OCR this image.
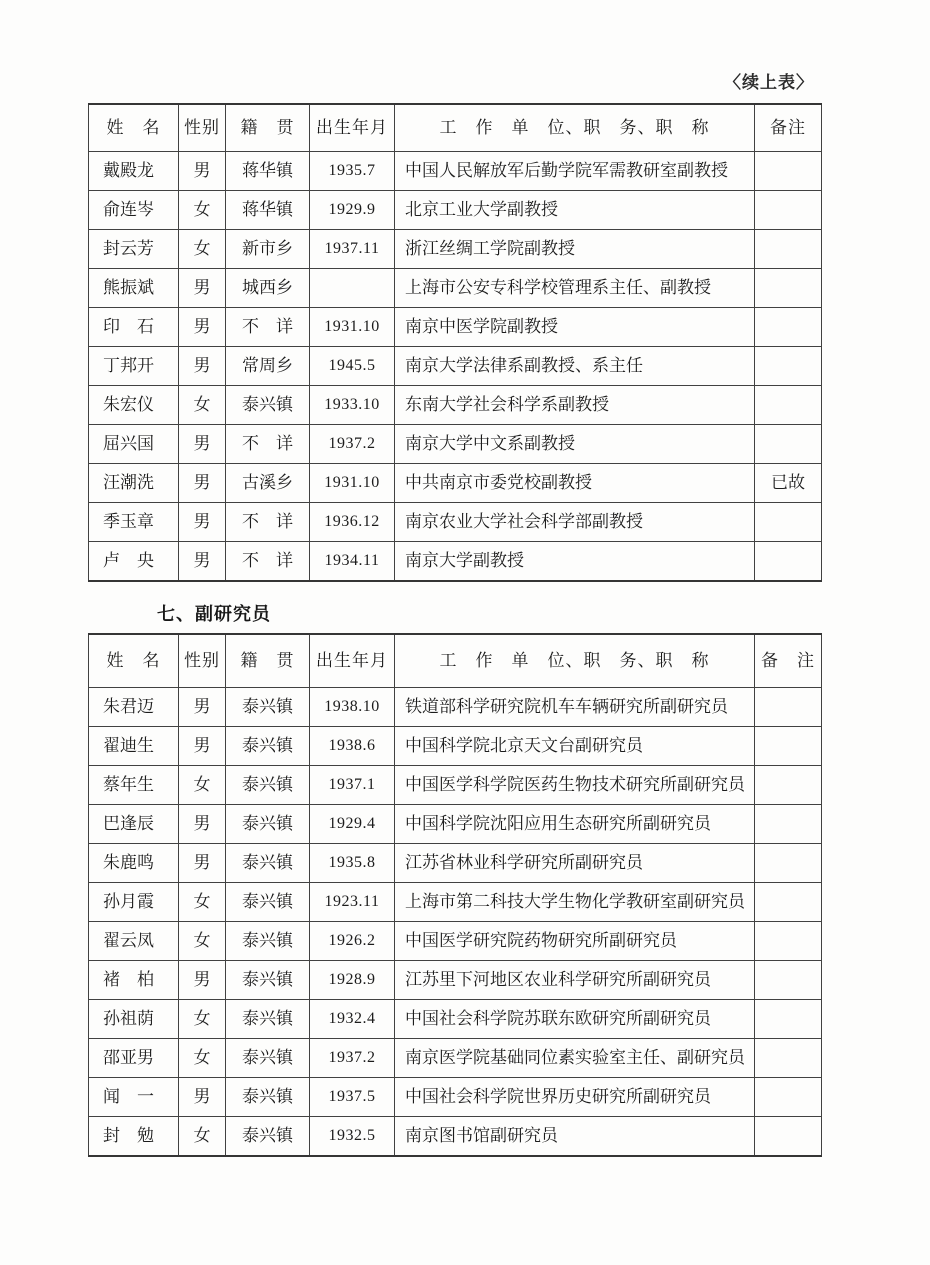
〈续上表〉
姓　名	性别	籍　贯	出生年月	工　作　单　位、职　务、职　称	备注
戴殿龙	男	蒋华镇	1935.7	中国人民解放军后勤学院军需教研室副教授	
俞连岑	女	蒋华镇	1929.9	北京工业大学副教授	
封云芳	女	新市乡	1937.11	浙江丝绸工学院副教授	
熊振斌	男	城西乡		上海市公安专科学校管理系主任、副教授	
印　石	男	不　详	1931.10	南京中医学院副教授	
丁邦开	男	常周乡	1945.5	南京大学法律系副教授、系主任	
朱宏仪	女	泰兴镇	1933.10	东南大学社会科学系副教授	
屈兴国	男	不　详	1937.2	南京大学中文系副教授	
汪潮洗	男	古溪乡	1931.10	中共南京市委党校副教授	已故
季玉章	男	不　详	1936.12	南京农业大学社会科学部副教授	
卢　央	男	不　详	1934.11	南京大学副教授	
七、副研究员
姓　名	性别	籍　贯	出生年月	工　作　单　位、职　务、职　称	备　注
朱君迈	男	泰兴镇	1938.10	铁道部科学研究院机车车辆研究所副研究员	
翟迪生	男	泰兴镇	1938.6	中国科学院北京天文台副研究员	
蔡年生	女	泰兴镇	1937.1	中国医学科学院医药生物技术研究所副研究员	
巴逢辰	男	泰兴镇	1929.4	中国科学院沈阳应用生态研究所副研究员	
朱鹿鸣	男	泰兴镇	1935.8	江苏省林业科学研究所副研究员	
孙月霞	女	泰兴镇	1923.11	上海市第二科技大学生物化学教研室副研究员	
翟云凤	女	泰兴镇	1926.2	中国医学研究院药物研究所副研究员	
褚　柏	男	泰兴镇	1928.9	江苏里下河地区农业科学研究所副研究员	
孙祖荫	女	泰兴镇	1932.4	中国社会科学院苏联东欧研究所副研究员	
邵亚男	女	泰兴镇	1937.2	南京医学院基础同位素实验室主任、副研究员	
闻　一	男	泰兴镇	1937.5	中国社会科学院世界历史研究所副研究员	
封　勉	女	泰兴镇	1932.5	南京图书馆副研究员	
